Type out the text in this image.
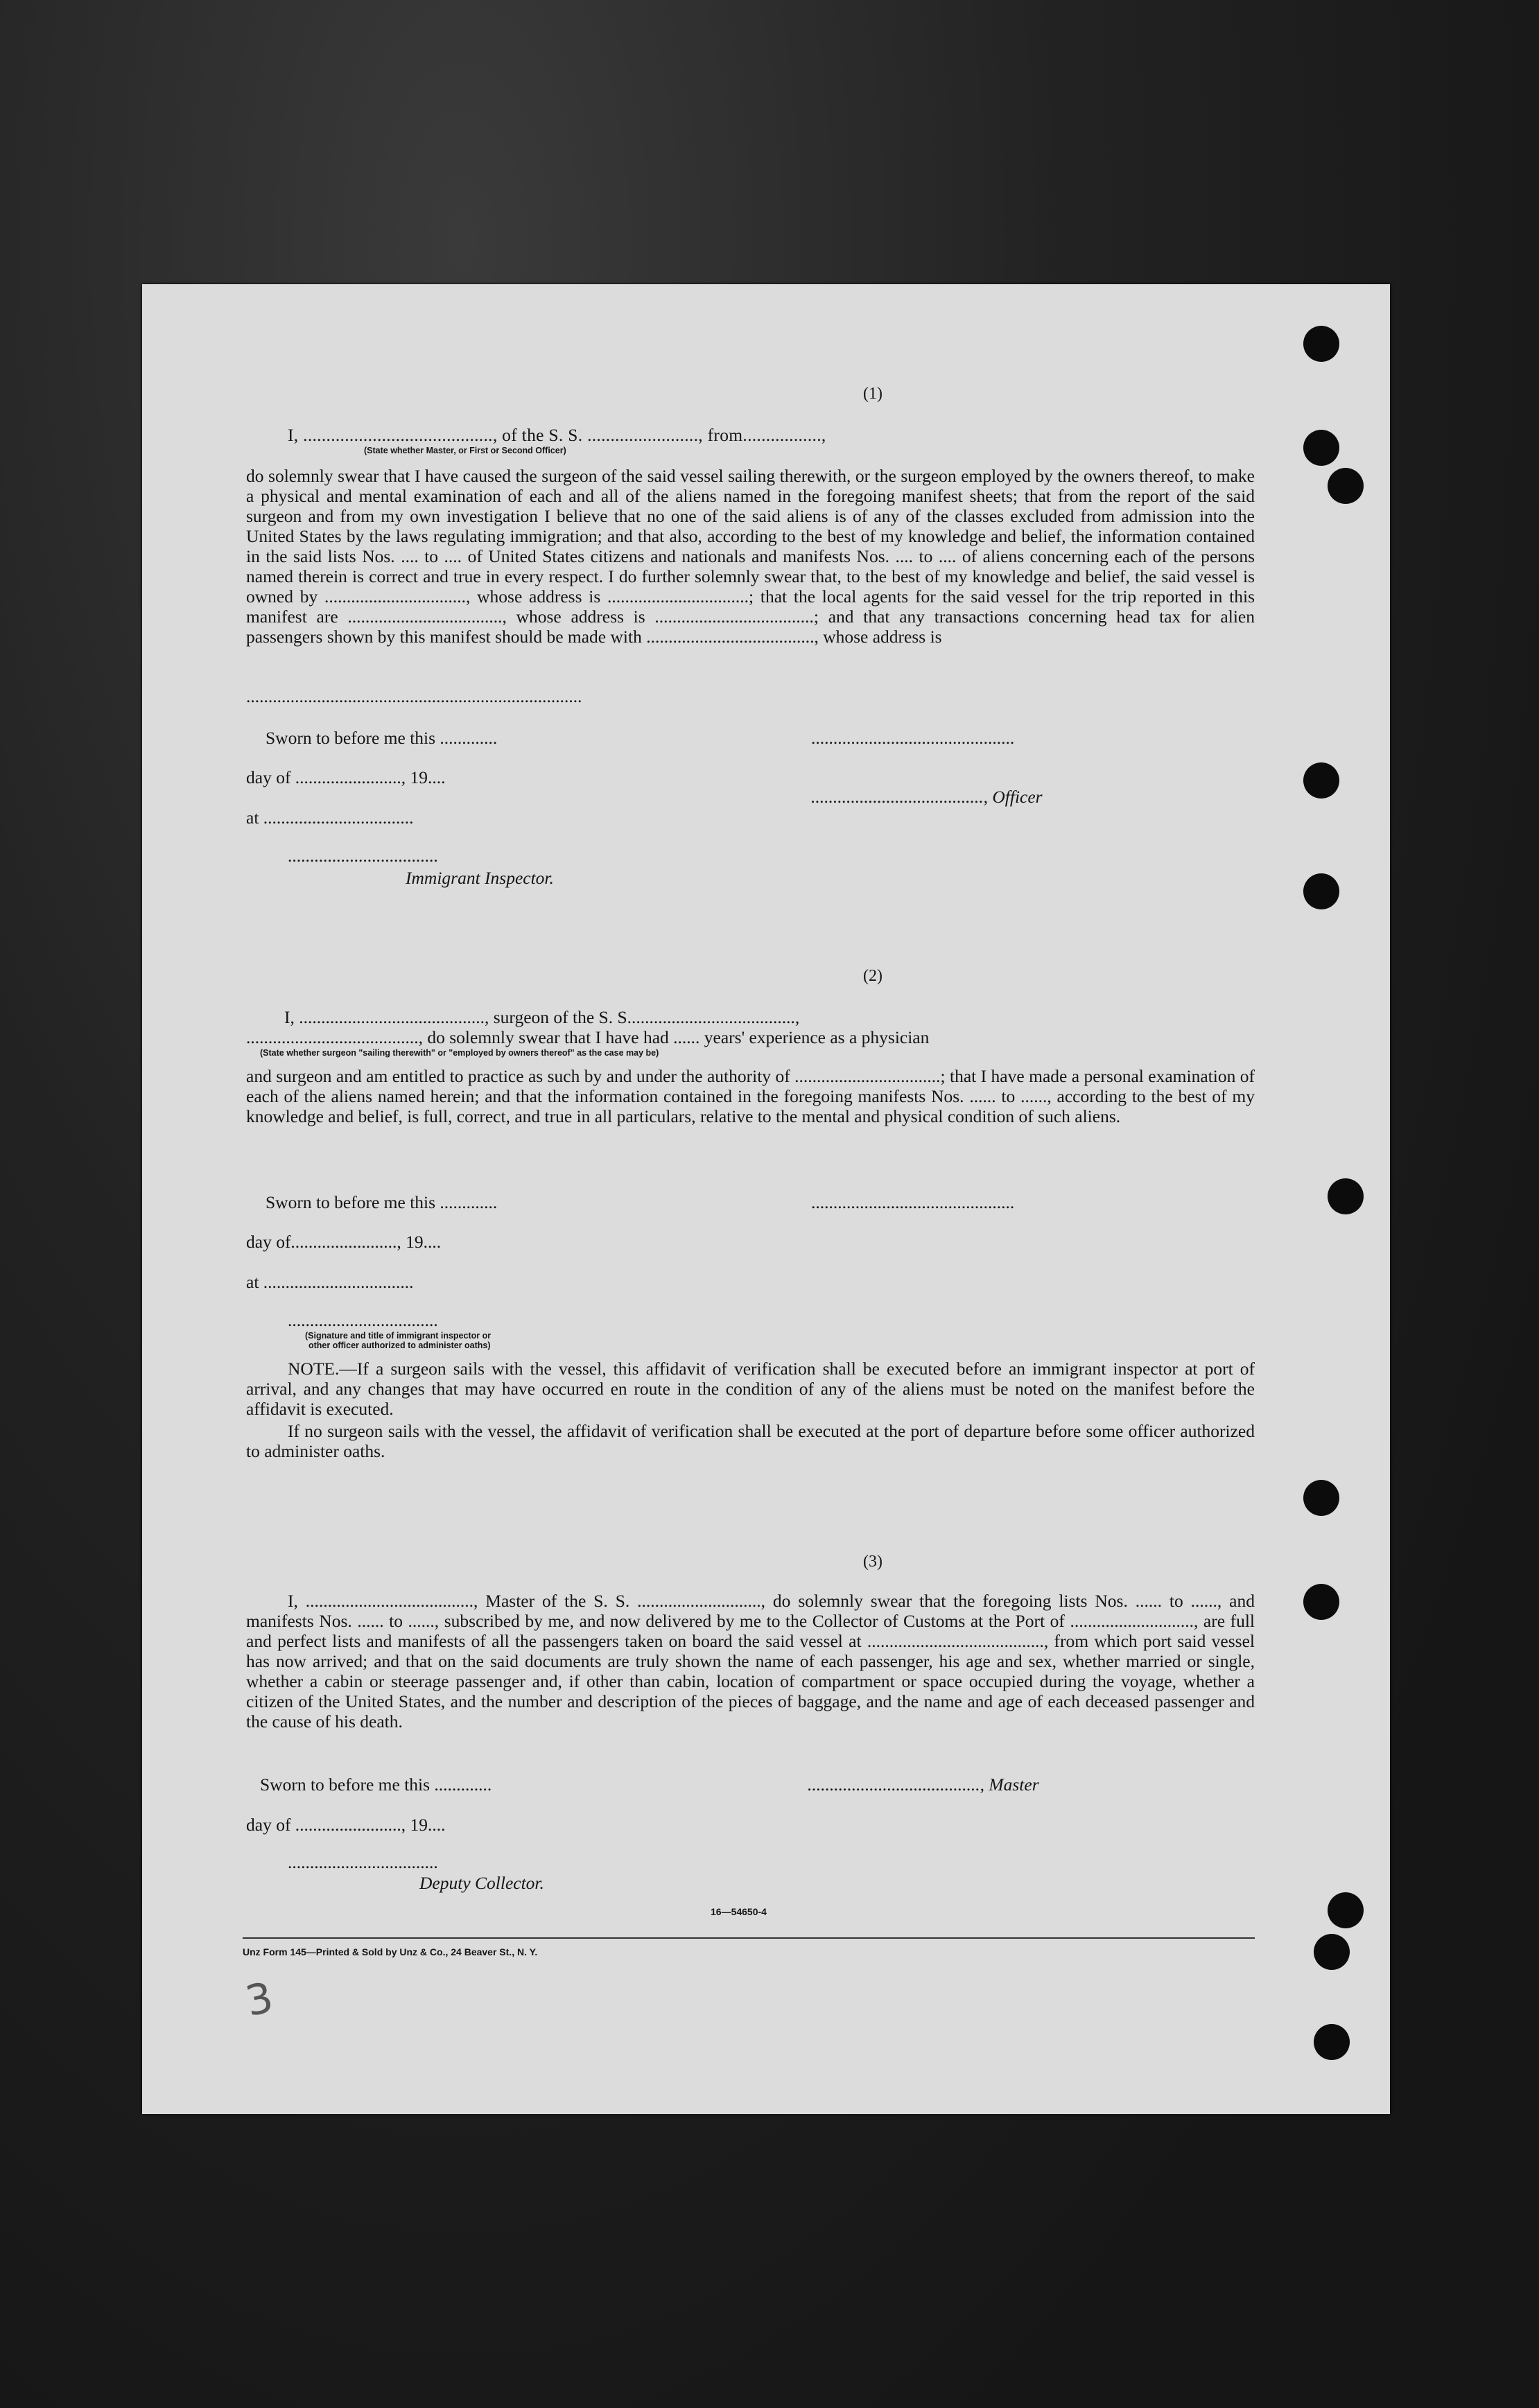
(1)
I, ........................................., of the S. S. ........................, from.................,
(State whether Master, or First or Second Officer)
do solemnly swear that I have caused the surgeon of the said vessel sailing therewith, or the surgeon employed by the owners thereof, to make a physical and mental examination of each and all of the aliens named in the foregoing manifest sheets; that from the report of the said surgeon and from my own investigation I believe that no one of the said aliens is of any of the classes excluded from admission into the United States by the laws regulating immigration; and that also, according to the best of my knowledge and belief, the information contained in the said lists Nos. .... to .... of United States citizens and nationals and manifests Nos. .... to .... of aliens concerning each of the persons named therein is correct and true in every respect. I do further solemnly swear that, to the best of my knowledge and belief, the said vessel is owned by ................................, whose address is ................................; that the local agents for the said vessel for the trip reported in this manifest are ..................................., whose address is ....................................; and that any transactions concerning head tax for alien passengers shown by this manifest should be made with ......................................, whose address is
............................................................................
Sworn to before me this .............	..............................................
day of ........................, 19....
......................................., Officer
at ..................................
..................................
Immigrant Inspector.
(2)
I, .........................................., surgeon of the S. S......................................,
......................................., do solemnly swear that I have had ...... years' experience as a physician
(State whether surgeon "sailing therewith" or "employed by owners thereof" as the case may be)
and surgeon and am entitled to practice as such by and under the authority of .................................; that I have made a personal examination of each of the aliens named herein; and that the information contained in the foregoing manifests Nos. ...... to ......, according to the best of my knowledge and belief, is full, correct, and true in all particulars, relative to the mental and physical condition of such aliens.
Sworn to before me this .............	..............................................
day of........................, 19....
at ..................................
..................................
(Signature and title of immigrant inspector or
other officer authorized to administer oaths)
NOTE.—If a surgeon sails with the vessel, this affidavit of verification shall be executed before an immigrant inspector at port of arrival, and any changes that may have occurred en route in the condition of any of the aliens must be noted on the manifest before the affidavit is executed.
If no surgeon sails with the vessel, the affidavit of verification shall be executed at the port of departure before some officer authorized to administer oaths.
(3)
I, ......................................, Master of the S. S. ............................, do solemnly swear that the foregoing lists Nos. ...... to ......, and manifests Nos. ...... to ......, subscribed by me, and now delivered by me to the Collector of Customs at the Port of ............................, are full and perfect lists and manifests of all the passengers taken on board the said vessel at ........................................, from which port said vessel has now arrived; and that on the said documents are truly shown the name of each passenger, his age and sex, whether married or single, whether a cabin or steerage passenger and, if other than cabin, location of compartment or space occupied during the voyage, whether a citizen of the United States, and the number and description of the pieces of baggage, and the name and age of each deceased passenger and the cause of his death.
Sworn to before me this .............	......................................., Master
day of ........................, 19....
..................................
Deputy Collector.
16—54650-4
Unz Form 145—Printed & Sold by Unz & Co., 24 Beaver St., N. Y.
3
